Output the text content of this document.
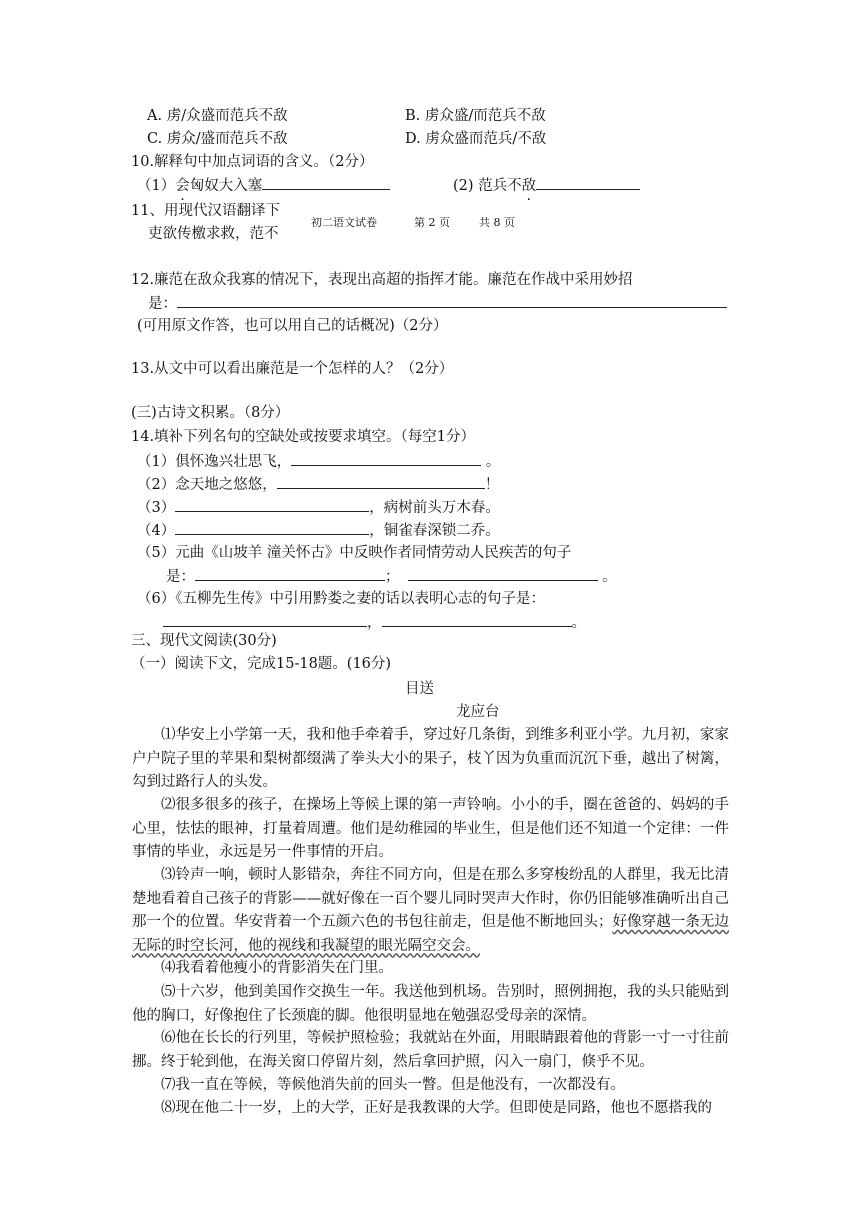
A. 虏/众盛而范兵不敌	B. 虏众盛/而范兵不敌
C. 虏众/盛而范兵不敌	D. 虏众盛而范兵/不敌
10.解释句中加点词语的含义。（2分）
（1）会匈奴大入塞	(2) 范兵不敌
11、用现代汉语翻译下
吏欲传檄求救，范不
初二语文试卷	第 2 页	共 8 页
12.廉范在敌众我寡的情况下，表现出高超的指挥才能。廉范在作战中采用妙招
是：
(可用原文作答，也可以用自己的话概况)（2分）
13.从文中可以看出廉范是一个怎样的人？（2分）
(三)古诗文积累。（8分）
14.填补下列名句的空缺处或按要求填空。（每空1分）
（1）俱怀逸兴壮思飞，	。
（2）念天地之悠悠，	！
（3）	，病树前头万木春。
（4）	，铜雀春深锁二乔。
（5）元曲《山坡羊 潼关怀古》中反映作者同情劳动人民疾苦的句子
是：	；	。
（6）《五柳先生传》中引用黔娄之妻的话以表明心志的句子是：
，	。
三、现代文阅读(30分)
（一）阅读下文，完成15-18题。(16分)
目送
龙应台
⑴华安上小学第一天，我和他手牵着手，穿过好几条街，到维多利亚小学。九月初，家家户户院子里的苹果和梨树都缀满了拳头大小的果子，枝丫因为负重而沉沉下垂，越出了树篱，勾到过路行人的头发。
⑵很多很多的孩子，在操场上等候上课的第一声铃响。小小的手，圈在爸爸的、妈妈的手心里，怯怯的眼神，打量着周遭。他们是幼稚园的毕业生，但是他们还不知道一个定律：一件事情的毕业，永远是另一件事情的开启。
⑶铃声一响，顿时人影错杂，奔往不同方向，但是在那么多穿梭纷乱的人群里，我无比清楚地看着自己孩子的背影——就好像在一百个婴儿同时哭声大作时，你仍旧能够准确听出自己那一个的位置。华安背着一个五颜六色的书包往前走，但是他不断地回头；好像穿越一条无边无际的时空长河，他的视线和我凝望的眼光隔空交会。
⑷我看着他瘦小的背影消失在门里。
⑸十六岁，他到美国作交换生一年。我送他到机场。告别时，照例拥抱，我的头只能贴到他的胸口，好像抱住了长颈鹿的脚。他很明显地在勉强忍受母亲的深情。
⑹他在长长的行列里，等候护照检验；我就站在外面，用眼睛跟着他的背影一寸一寸往前挪。终于轮到他，在海关窗口停留片刻，然后拿回护照，闪入一扇门，倏乎不见。
⑺我一直在等候，等候他消失前的回头一瞥。但是他没有，一次都没有。
⑻现在他二十一岁，上的大学，正好是我教课的大学。但即使是同路，他也不愿搭我的
